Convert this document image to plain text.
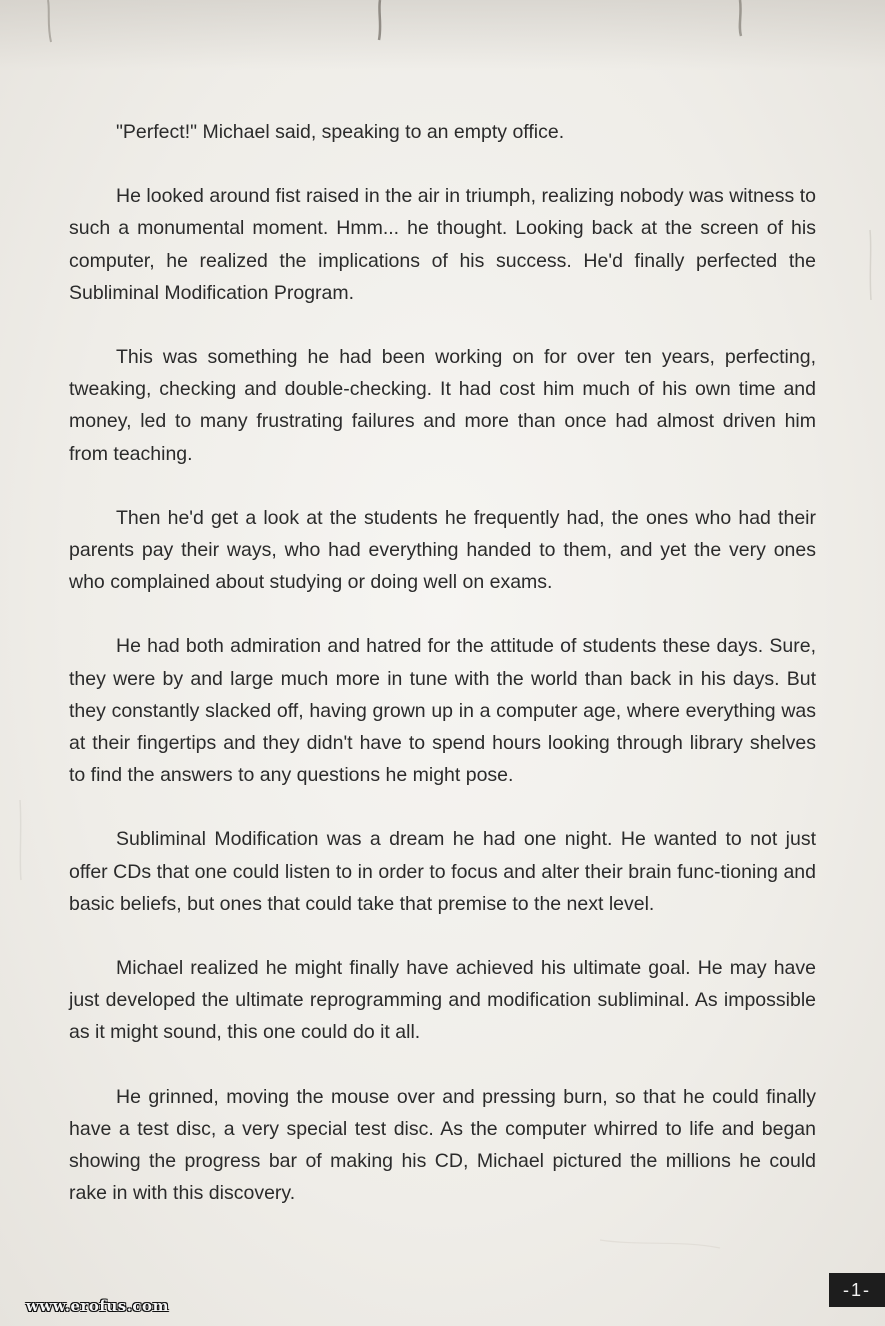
"Perfect!" Michael said, speaking to an empty office.

He looked around fist raised in the air in triumph, realizing nobody was witness to such a monumental moment. Hmm... he thought. Looking back at the screen of his computer, he realized the implications of his success. He'd finally perfected the Subliminal Modification Program.

This was something he had been working on for over ten years, perfecting, tweaking, checking and double-checking. It had cost him much of his own time and money, led to many frustrating failures and more than once had almost driven him from teaching.

Then he'd get a look at the students he frequently had, the ones who had their parents pay their ways, who had everything handed to them, and yet the very ones who complained about studying or doing well on exams.

He had both admiration and hatred for the attitude of students these days. Sure, they were by and large much more in tune with the world than back in his days. But they constantly slacked off, having grown up in a computer age, where everything was at their fingertips and they didn't have to spend hours looking through library shelves to find the answers to any questions he might pose.

Subliminal Modification was a dream he had one night. He wanted to not just offer CDs that one could listen to in order to focus and alter their brain func-tioning and basic beliefs, but ones that could take that premise to the next level.

Michael realized he might finally have achieved his ultimate goal. He may have just developed the ultimate reprogramming and modification subliminal. As impossible as it might sound, this one could do it all.

He grinned, moving the mouse over and pressing burn, so that he could finally have a test disc, a very special test disc. As the computer whirred to life and began showing the progress bar of making his CD, Michael pictured the millions he could rake in with this discovery.

-1-
www.erofus.com
